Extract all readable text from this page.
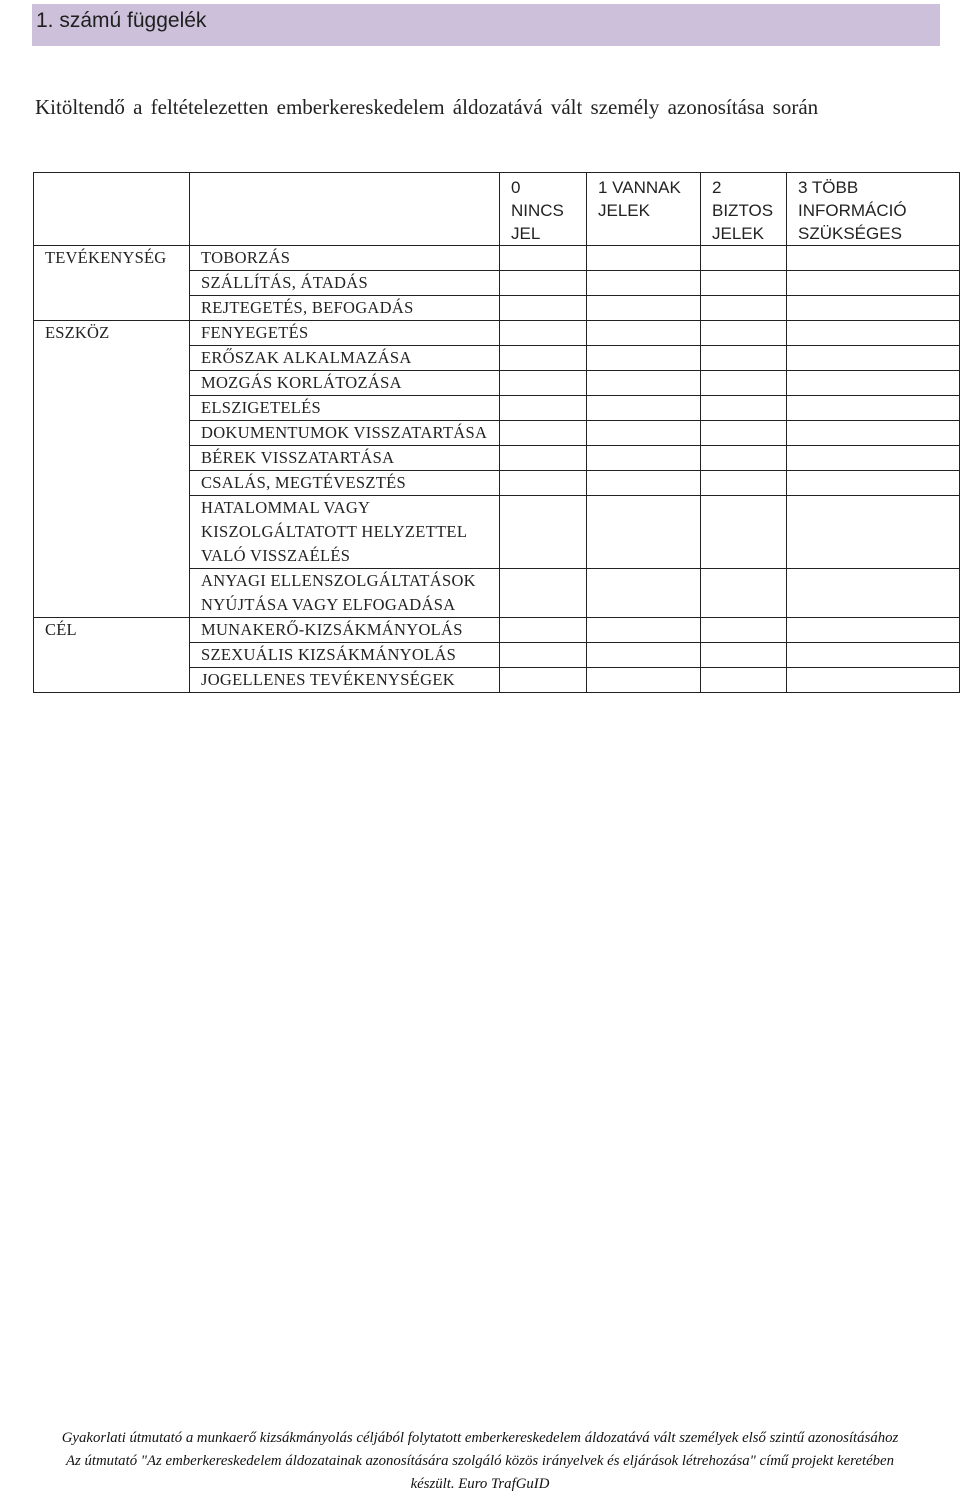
1. számú függelék
Kitöltendő a feltételezetten emberkereskedelem áldozatává vált személy azonosítása során
		0 NINCS JEL	1 VANNAK JELEK	2 BIZTOS JELEK	3 TÖBB INFORMÁCIÓ SZÜKSÉGES
TEVÉKENYSÉG	TOBORZÁS				
	SZÁLLÍTÁS, ÁTADÁS				
	REJTEGETÉS, BEFOGADÁS				
ESZKÖZ	FENYEGETÉS				
	ERŐSZAK ALKALMAZÁSA				
	MOZGÁS KORLÁTOZÁSA				
	ELSZIGETELÉS				
	DOKUMENTUMOK VISSZATARTÁSA				
	BÉREK VISSZATARTÁSA				
	CSALÁS, MEGTÉVESZTÉS				
	HATALOMMAL VAGY KISZOLGÁLTATOTT HELYZETTEL VALÓ VISSZAÉLÉS				
	ANYAGI ELLENSZOLGÁLTATÁSOK NYÚJTÁSA VAGY ELFOGADÁSA				
CÉL	MUNAKERŐ-KIZSÁKMÁNYOLÁS				
	SZEXUÁLIS KIZSÁKMÁNYOLÁS				
	JOGELLENES TEVÉKENYSÉGEK				
Gyakorlati útmutató a munkaerő kizsákmányolás céljából folytatott emberkereskedelem áldozatává vált személyek első szintű azonosításához
Az útmutató "Az emberkereskedelem áldozatainak azonosítására szolgáló közös irányelvek és eljárások létrehozása" című projekt keretében
készült. Euro TrafGuID
